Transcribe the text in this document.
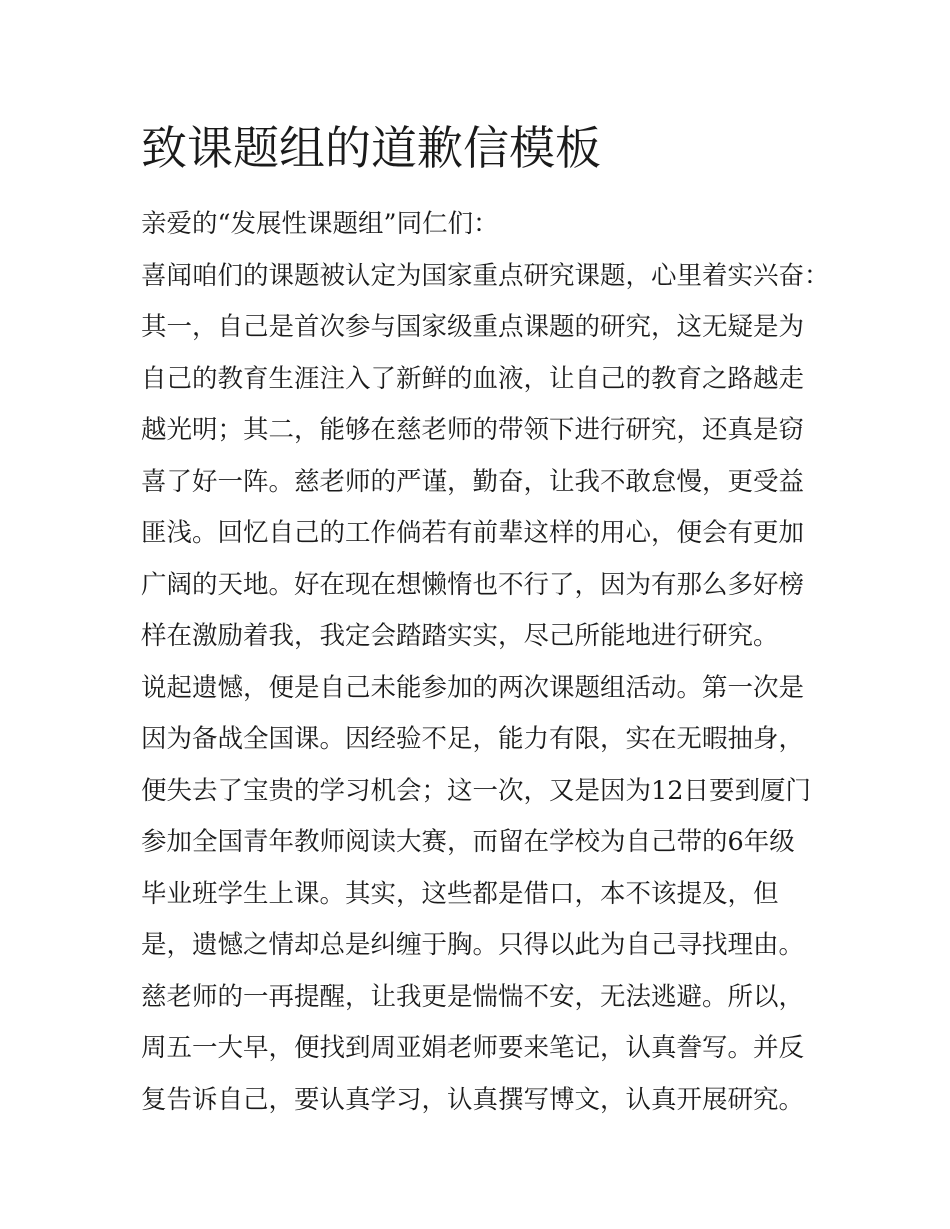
致课题组的道歉信模板

亲爱的“发展性课题组”同仁们：

喜闻咱们的课题被认定为国家重点研究课题，心里着实兴奋：

其一，自己是首次参与国家级重点课题的研究，这无疑是为自己的教育生涯注入了新鲜的血液，让自己的教育之路越走越光明；其二，能够在慈老师的带领下进行研究，还真是窃喜了好一阵。慈老师的严谨，勤奋，让我不敢怠慢，更受益匪浅。回忆自己的工作倘若有前辈这样的用心，便会有更加广阔的天地。好在现在想懒惰也不行了，因为有那么多好榜样在激励着我，我定会踏踏实实，尽己所能地进行研究。

说起遗憾，便是自己未能参加的两次课题组活动。第一次是因为备战全国课。因经验不足，能力有限，实在无暇抽身，便失去了宝贵的学习机会；这一次，又是因为12日要到厦门参加全国青年教师阅读大赛，而留在学校为自己带的6年级毕业班学生上课。其实，这些都是借口，本不该提及，但是，遗憾之情却总是纠缠于胸。只得以此为自己寻找理由。慈老师的一再提醒，让我更是惴惴不安，无法逃避。所以，周五一大早，便找到周亚娟老师要来笔记，认真誊写。并反复告诉自己，要认真学习，认真撰写博文，认真开展研究。
